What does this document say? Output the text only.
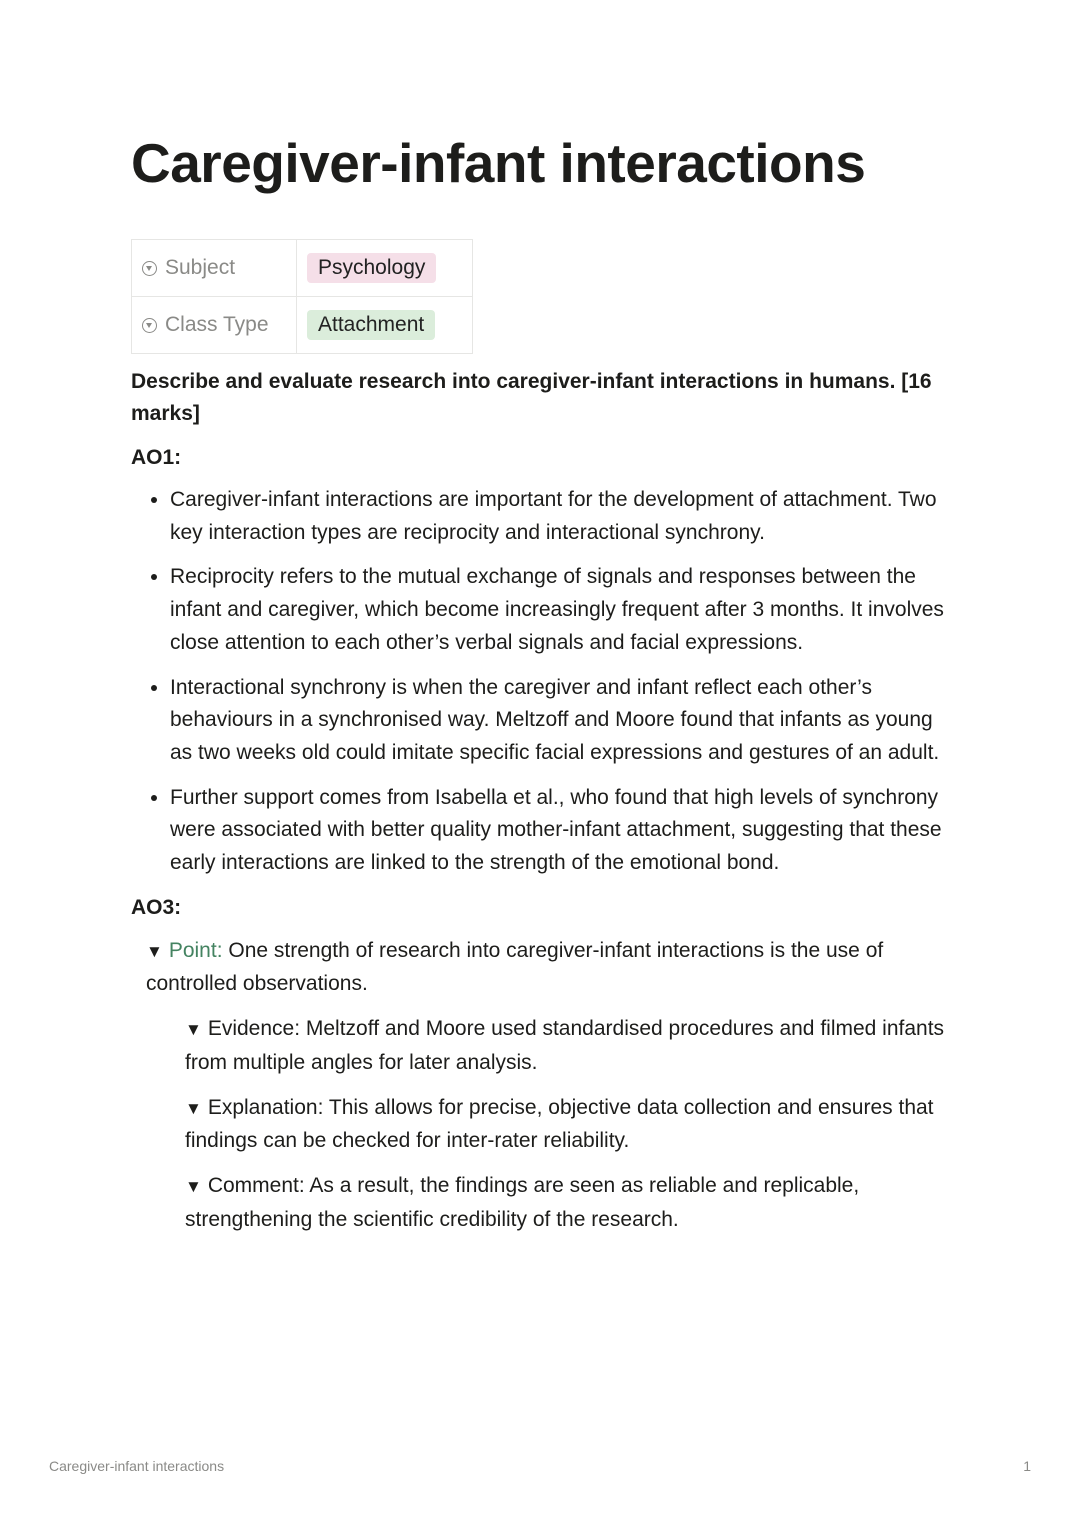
Caregiver-infant interactions
Subject	Psychology
Class Type	Attachment
Describe and evaluate research into caregiver-infant interactions in humans. [16 marks]
AO1:
• Caregiver-infant interactions are important for the development of attachment. Two key interaction types are reciprocity and interactional synchrony.
• Reciprocity refers to the mutual exchange of signals and responses between the infant and caregiver, which become increasingly frequent after 3 months. It involves close attention to each other’s verbal signals and facial expressions.
• Interactional synchrony is when the caregiver and infant reflect each other’s behaviours in a synchronised way. Meltzoff and Moore found that infants as young as two weeks old could imitate specific facial expressions and gestures of an adult.
• Further support comes from Isabella et al., who found that high levels of synchrony were associated with better quality mother-infant attachment, suggesting that these early interactions are linked to the strength of the emotional bond.
AO3:
▼ Point: One strength of research into caregiver-infant interactions is the use of controlled observations.
▼ Evidence: Meltzoff and Moore used standardised procedures and filmed infants from multiple angles for later analysis.
▼ Explanation: This allows for precise, objective data collection and ensures that findings can be checked for inter-rater reliability.
▼ Comment: As a result, the findings are seen as reliable and replicable, strengthening the scientific credibility of the research.
Caregiver-infant interactions	1
